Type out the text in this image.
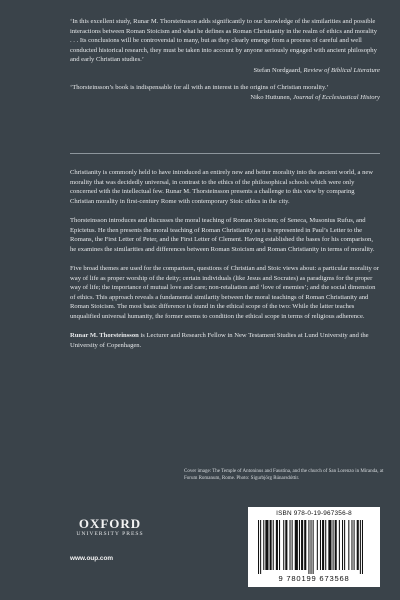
‘In this excellent study, Runar M. Thorsteinsson adds significantly to our knowledge of the similarities and possible interactions between Roman Stoicism and what he defines as Roman Christianity in the realm of ethics and morality . . . Its conclusions will be controversial to many, but as they clearly emerge from a process of careful and well conducted historical research, they must be taken into account by anyone seriously engaged with ancient philosophy and early Christian studies.’

Stefan Nordgaard, Review of Biblical Literature

‘Thorsteinsson’s book is indispensable for all with an interest in the origins of Christian morality.’

Niko Huttunen, Journal of Ecclesiastical History

Christianity is commonly held to have introduced an entirely new and better morality into the ancient world, a new morality that was decidedly universal, in contrast to the ethics of the philosophical schools which were only concerned with the intellectual few. Runar M. Thorsteinsson presents a challenge to this view by comparing Christian morality in first-century Rome with contemporary Stoic ethics in the city.

Thorsteinsson introduces and discusses the moral teaching of Roman Stoicism; of Seneca, Musonius Rufus, and Epictetus. He then presents the moral teaching of Roman Christianity as it is represented in Paul’s Letter to the Romans, the First Letter of Peter, and the First Letter of Clement. Having established the bases for his comparison, he examines the similarities and differences between Roman Stoicism and Roman Christianity in terms of morality.

Five broad themes are used for the comparison, questions of Christian and Stoic views about: a particular morality or way of life as proper worship of the deity; certain individuals (like Jesus and Socrates) as paradigms for the proper way of life; the importance of mutual love and care; non-retaliation and ‘love of enemies’; and the social dimension of ethics. This approach reveals a fundamental similarity between the moral teachings of Roman Christianity and Roman Stoicism. The most basic difference is found in the ethical scope of the two: While the latter teaches unqualified universal humanity, the former seems to condition the ethical scope in terms of religious adherence.

Runar M. Thorsteinsson is Lecturer and Research Fellow in New Testament Studies at Lund University and the University of Copenhagen.

Cover image: The Temple of Antoninus and Faustina, and the church of San Lorenzo in Miranda, at Forum Romanum, Rome. Photo: Sigurbjörg Rúnarsdóttir.
OXFORD
UNIVERSITY PRESS
www.oup.com
ISBN 978-0-19-967356-8
9 780199 673568
